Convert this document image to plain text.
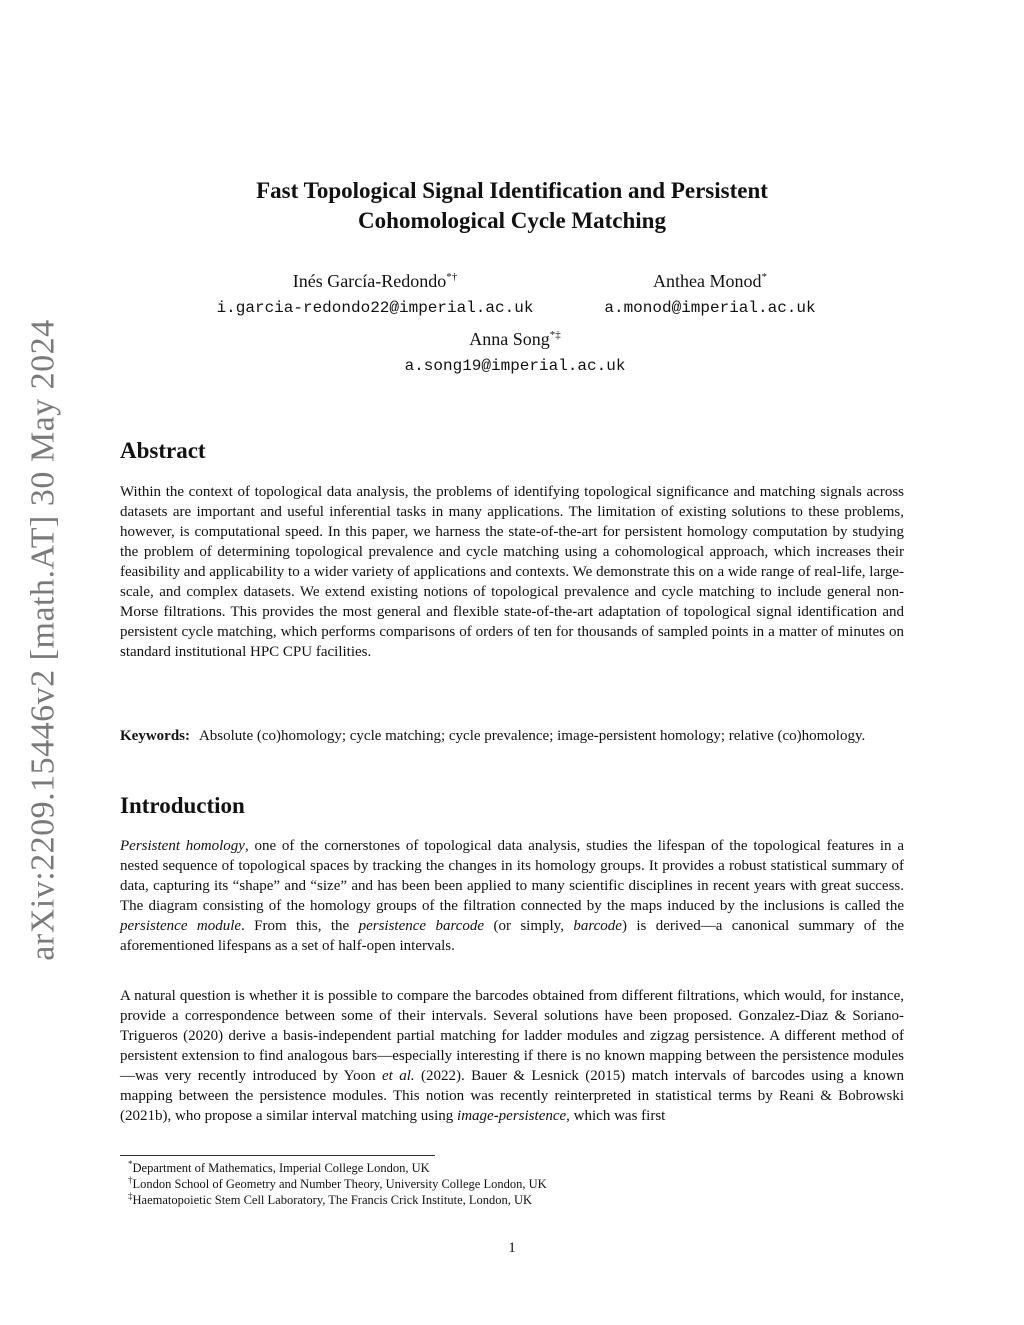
arXiv:2209.15446v2 [math.AT] 30 May 2024
Fast Topological Signal Identification and Persistent
Cohomological Cycle Matching
Inés García-Redondo*†
i.garcia-redondo22@imperial.ac.uk
Anthea Monod*
a.monod@imperial.ac.uk
Anna Song*‡
a.song19@imperial.ac.uk
Abstract
Within the context of topological data analysis, the problems of identifying topological significance and matching signals across datasets are important and useful inferential tasks in many applications. The limitation of existing solutions to these problems, however, is computational speed. In this paper, we harness the state-of-the-art for persistent homology computation by studying the problem of determining topological prevalence and cycle matching using a cohomological approach, which increases their feasibility and applicability to a wider variety of applications and contexts. We demonstrate this on a wide range of real-life, large-scale, and complex datasets. We extend existing notions of topological prevalence and cycle matching to include general non-Morse filtrations. This provides the most general and flexible state-of-the-art adaptation of topological signal identification and persistent cycle matching, which performs comparisons of orders of ten for thousands of sampled points in a matter of minutes on standard institutional HPC CPU facilities.
Keywords: Absolute (co)homology; cycle matching; cycle prevalence; image-persistent homology; relative (co)homology.
Introduction
Persistent homology, one of the cornerstones of topological data analysis, studies the lifespan of the topological features in a nested sequence of topological spaces by tracking the changes in its homology groups. It provides a robust statistical summary of data, capturing its “shape” and “size” and has been been applied to many scientific disciplines in recent years with great success. The diagram consisting of the homology groups of the filtration connected by the maps induced by the inclusions is called the persistence module. From this, the persistence barcode (or simply, barcode) is derived—a canonical summary of the aforementioned lifespans as a set of half-open intervals.
A natural question is whether it is possible to compare the barcodes obtained from different filtrations, which would, for instance, provide a correspondence between some of their intervals. Several solutions have been proposed. Gonzalez-Diaz & Soriano-Trigueros (2020) derive a basis-independent partial matching for ladder modules and zigzag persistence. A different method of persistent extension to find analogous bars—especially interesting if there is no known mapping between the persistence modules—was very recently introduced by Yoon et al. (2022). Bauer & Lesnick (2015) match intervals of barcodes using a known mapping between the persistence modules. This notion was recently reinterpreted in statistical terms by Reani & Bobrowski (2021b), who propose a similar interval matching using image-persistence, which was first
*Department of Mathematics, Imperial College London, UK
†London School of Geometry and Number Theory, University College London, UK
‡Haematopoietic Stem Cell Laboratory, The Francis Crick Institute, London, UK
1
